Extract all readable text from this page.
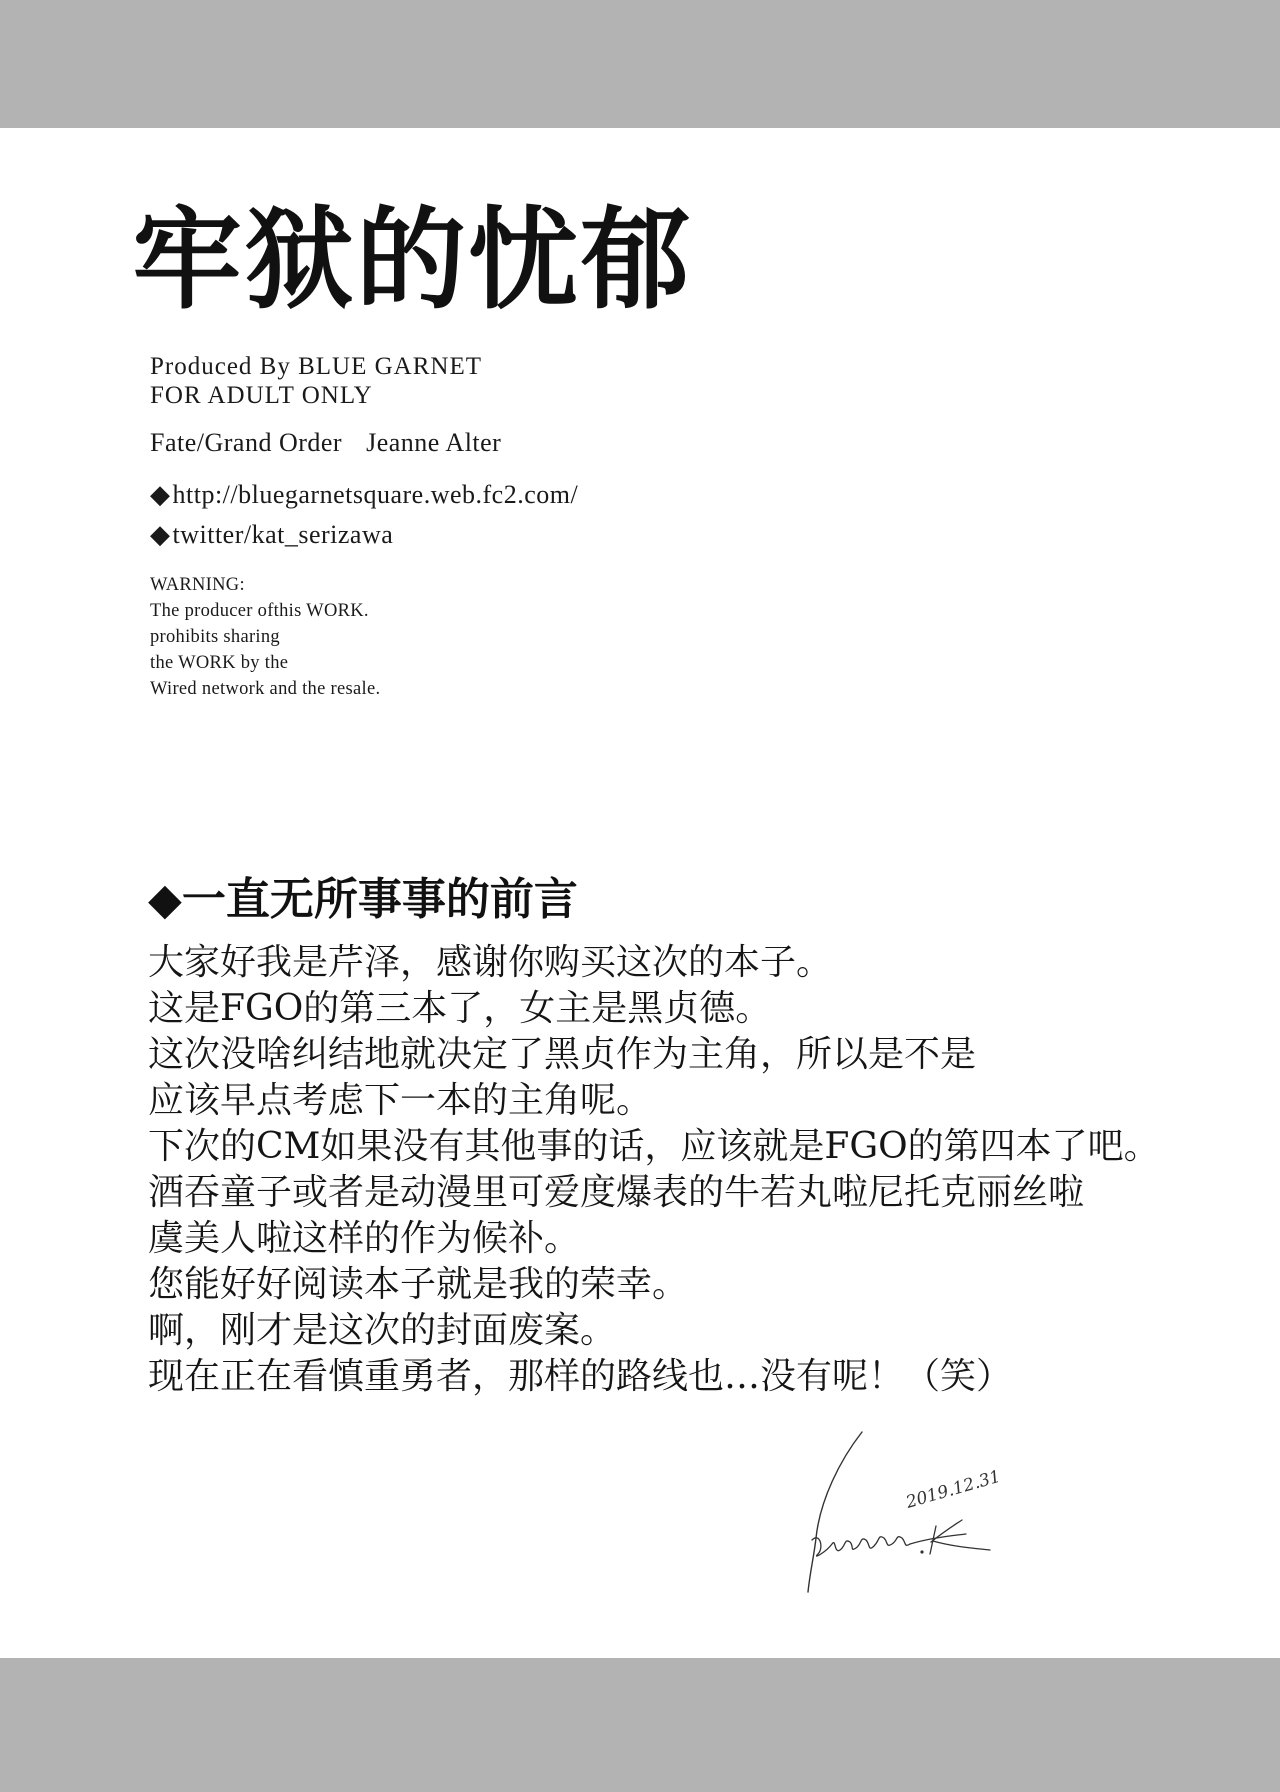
牢狱的忧郁
Produced By BLUE GARNET
FOR ADULT ONLY
Fate/Grand Order Jeanne Alter
◆http://bluegarnetsquare.web.fc2.com/
◆twitter/kat_serizawa
WARNING:
The producer ofthis WORK.
prohibits sharing
the WORK by the
Wired network and the resale.
◆一直无所事事的前言
大家好我是芹泽，感谢你购买这次的本子。
这是FGO的第三本了，女主是黑贞德。
这次没啥纠结地就决定了黑贞作为主角，所以是不是
应该早点考虑下一本的主角呢。
下次的CM如果没有其他事的话，应该就是FGO的第四本了吧。
酒吞童子或者是动漫里可爱度爆表的牛若丸啦尼托克丽丝啦
虞美人啦这样的作为候补。
您能好好阅读本子就是我的荣幸。
啊，刚才是这次的封面废案。
现在正在看慎重勇者，那样的路线也…没有呢！（笑）
2019.12.31
